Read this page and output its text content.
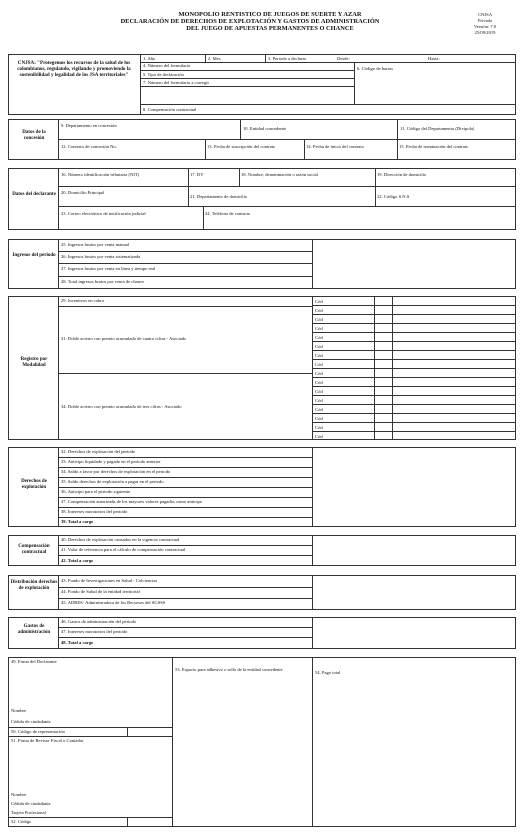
MONOPOLIO RENTISTICO DE JUEGOS DE SUERTE Y AZAR
DECLARACIÓN DE DERECHOS DE EXPLOTACIÓN Y GASTOS DE ADMINISTRACIÓN
DEL JUEGO DE APUESTAS PERMANENTES O CHANCE
CNJSA
Privada
Versión: 7.0
25/09/2019
CNJSA: "Protegemos los recursos de la salud de los colombianos, regulando, vigilando y promoviendo la sostenibilidad y legalidad de los JSA territoriales"
1. Año	2. Mes	3. Periodo a declarar	Desde:	Hasta:
4. Número del formulario
6. Código de barras
5. Tipo de declaración
7. Número del formulario a corregir
8. Compensación contractual
Datos de la concesión
9. Departamento en concesión
10. Entidad concedente	11. Código del Departamento (Divipola)
12. Contrato de concesión No.	13. Fecha de suscripción del contrato	14. Fecha de inicio del contrato	15. Fecha de terminación del contrato
Datos del declarante
16. Número identificación tributaria (NIT)	17. DV	18. Nombre, denominación o razón social	19. Dirección de domicilio
20. Domicilio Principal
21. Departamento de domicilio	22. Código S.N.S
23. Correo electrónico de notificación judicial	24. Teléfono de contacto
Ingresos del periodo
25. Ingresos brutos por venta manual
26. Ingresos brutos por venta sistematizada
27. Ingresos brutos por venta en línea y tiempo real
28. Total ingresos brutos por venta de chance
Registro por Modalidad
29. Incentivos en cobro
31. Doble acierto con premio acumulado de cuatro cifras - Asociado
34. Doble acierto con premio acumulado de tres cifras - Asociado
Cód
Cód
Cód
Cód
Cód
Cód
Cód
Cód
Cód
Cód
Cód
Cód
Cód
Cód
Cód
Cód
Derechos de explotación
32. Derechos de explotación del periodo
33. Anticipo liquidado y pagado en el periodo anterior
34. Saldo a favor por derechos de explotación en el periodo
35. Saldo derechos de explotación a pagar en el periodo
36. Anticipo para el periodo siguiente
37. Compensación autorizada de los mayores valores pagados como anticipo
38. Intereses moratorios del periodo
39. Total a cargo
Compensación contractual
40. Derechos de explotación causados en la vigencia contractual
41. Valor de referencia para el cálculo de compensación contractual
42. Total a cargo
Distribución derechos de explotación
43. Fondo de Investigaciones en Salud - Colciencias
44. Fondo de Salud de la entidad territorial
45. ADRES- Administradora de los Recursos del SGSSS
Gastos de administración
46. Gastos de administración del periodo
47. Intereses moratorios del periodo
48. Total a cargo
49. Firma del Declarante
53. Espacio para adhesivo o sello de la entidad concedente
54. Pago total
Nombre
Cédula de ciudadanía
50. Código de representación
51. Firma de Revisor Fiscal o Contador
Nombre
Cédula de ciudadanía
Tarjeta Profesional
52. Código
